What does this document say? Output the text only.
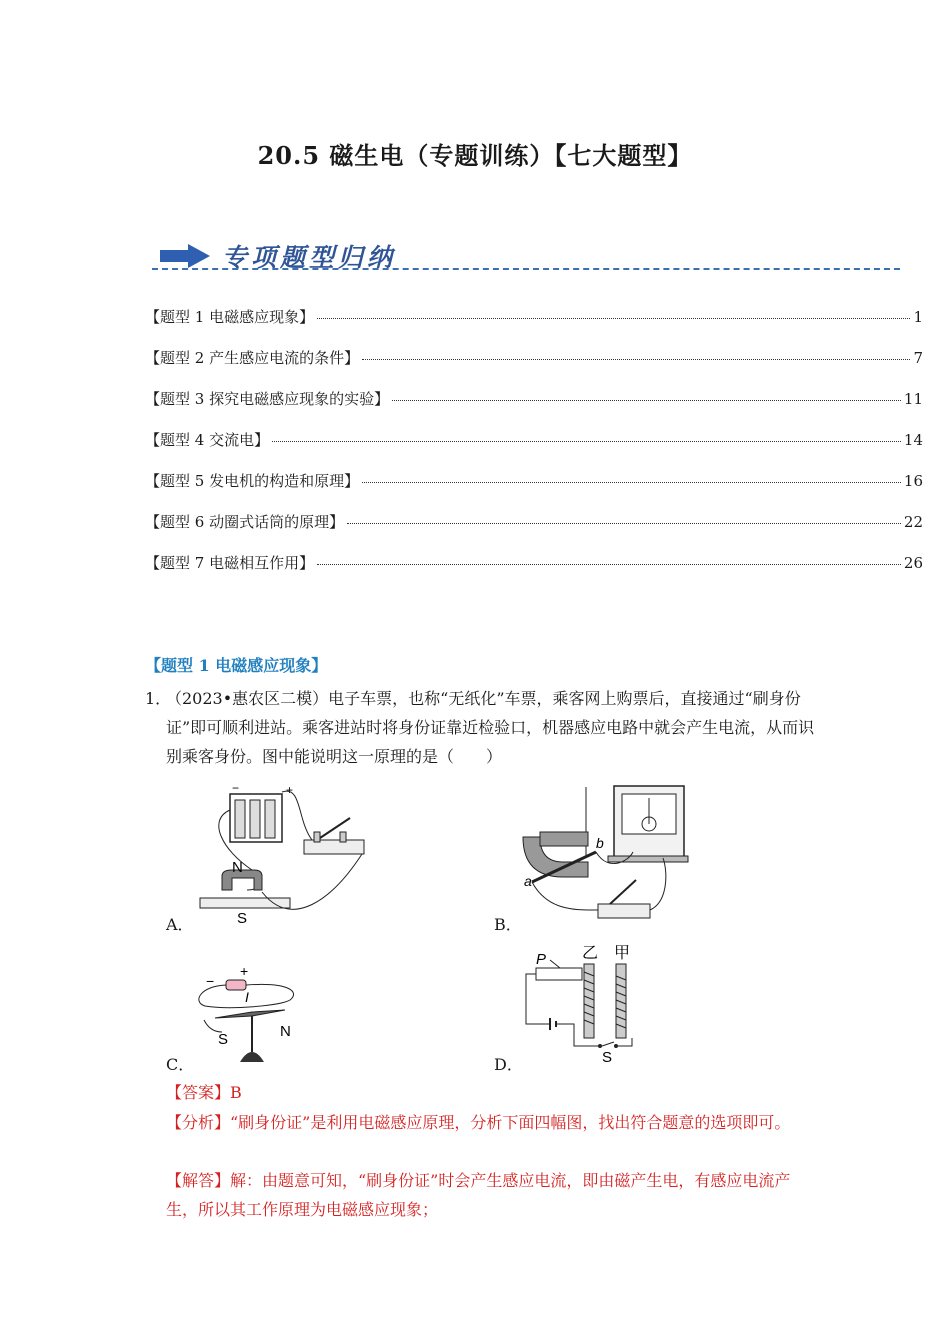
20.5 磁生电（专题训练）【七大题型】
专项题型归纳
【题型 1 电磁感应现象】	1
【题型 2 产生感应电流的条件】	7
【题型 3 探究电磁感应现象的实验】	11
【题型 4 交流电】	14
【题型 5 发电机的构造和原理】	16
【题型 6 动圈式话筒的原理】	22
【题型 7 电磁相互作用】	26
【题型 1 电磁感应现象】
1．
（2023•惠农区二模）电子车票，也称“无纸化”车票，乘客网上购票后，直接通过“刷身份证”即可顺利进站。乘客进站时将身份证靠近检验口，机器感应电路中就会产生电流，从而识别乘客身份。图中能说明这一原理的是（　　）
−	+
N
S
A．
a
b
B．
−
+
I
S	N
C．
P 乙 甲
S
D．
【答案】B
【分析】“刷身份证”是利用电磁感应原理，分析下面四幅图，找出符合题意的选项即可。
【解答】解：由题意可知，“刷身份证”时会产生感应电流，即由磁产生电，有感应电流产生，所以其工作原理为电磁感应现象；
